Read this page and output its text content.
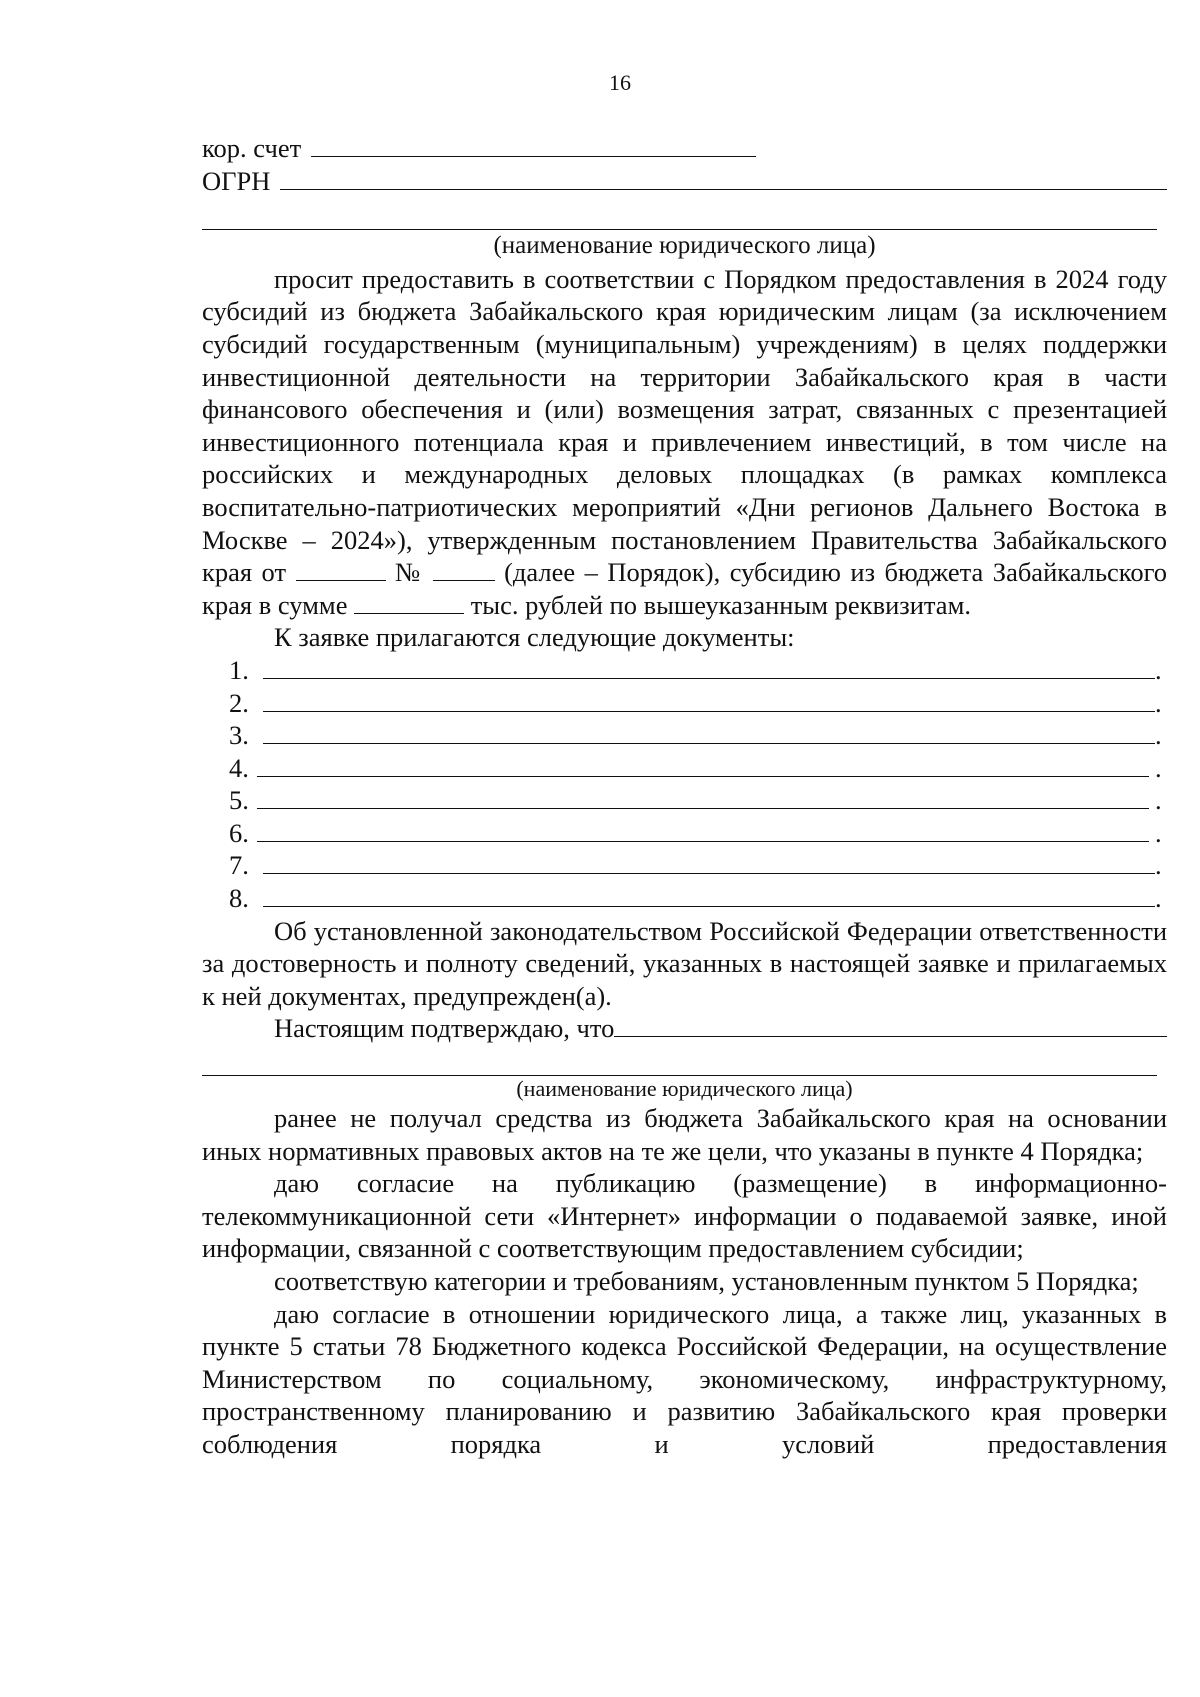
16
кор. счет
ОГРН
(наименование юридического лица)
просит предоставить в соответствии с Порядком предоставления в 2024 году субсидий из бюджета Забайкальского края юридическим лицам (за исключением субсидий государственным (муниципальным) учреждениям) в целях поддержки инвестиционной деятельности на территории Забайкальского края в части финансового обеспечения и (или) возмещения затрат, связанных с презентацией инвестиционного потенциала края и привлечением инвестиций, в том числе на российских и международных деловых площадках (в рамках комплекса воспитательно-патриотических мероприятий «Дни регионов Дальнего Востока в Москве – 2024»), утвержденным постановлением Правительства Забайкальского края от	№	(далее – Порядок), субсидию из бюджета Забайкальского края в сумме	тыс. рублей по вышеуказанным реквизитам.
К заявке прилагаются следующие документы:
1.	.
2.	.
3.	.
4.	.
5.	.
6.	.
7.	.
8.	.
Об установленной законодательством Российской Федерации ответственности за достоверность и полноту сведений, указанных в настоящей заявке и прилагаемых к ней документах, предупрежден(а).
Настоящим подтверждаю, что
(наименование юридического лица)
ранее не получал средства из бюджета Забайкальского края на основании иных нормативных правовых актов на те же цели, что указаны в пункте 4 Порядка;
даю согласие на публикацию (размещение) в информационно-телекоммуникационной сети «Интернет» информации о подаваемой заявке, иной информации, связанной с соответствующим предоставлением субсидии;
соответствую категории и требованиям, установленным пунктом 5 Порядка;
даю согласие в отношении юридического лица, а также лиц, указанных в пункте 5 статьи 78 Бюджетного кодекса Российской Федерации, на осуществление Министерством по социальному, экономическому, инфраструктурному, пространственному планированию и развитию Забайкальского края проверки соблюдения порядка и условий предоставления
